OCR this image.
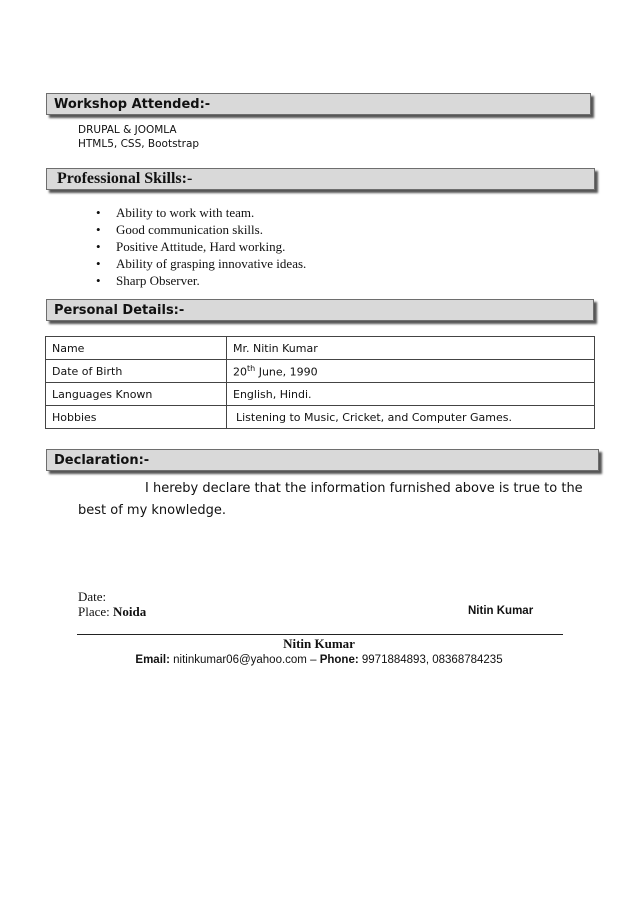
Workshop Attended:-
DRUPAL & JOOMLA
HTML5, CSS, Bootstrap
Professional Skills:-
• Ability to work with team.
• Good communication skills.
• Positive Attitude, Hard working.
• Ability of grasping innovative ideas.
• Sharp Observer.
Personal Details:-
Name	Mr. Nitin Kumar
Date of Birth	20th June, 1990
Languages Known	English, Hindi.
Hobbies	Listening to Music, Cricket, and Computer Games.
Declaration:-
I hereby declare that the information furnished above is true to the
best of my knowledge.
Date:
Place: Noida	Nitin Kumar
Nitin Kumar
Email: nitinkumar06@yahoo.com – Phone: 9971884893, 08368784235
